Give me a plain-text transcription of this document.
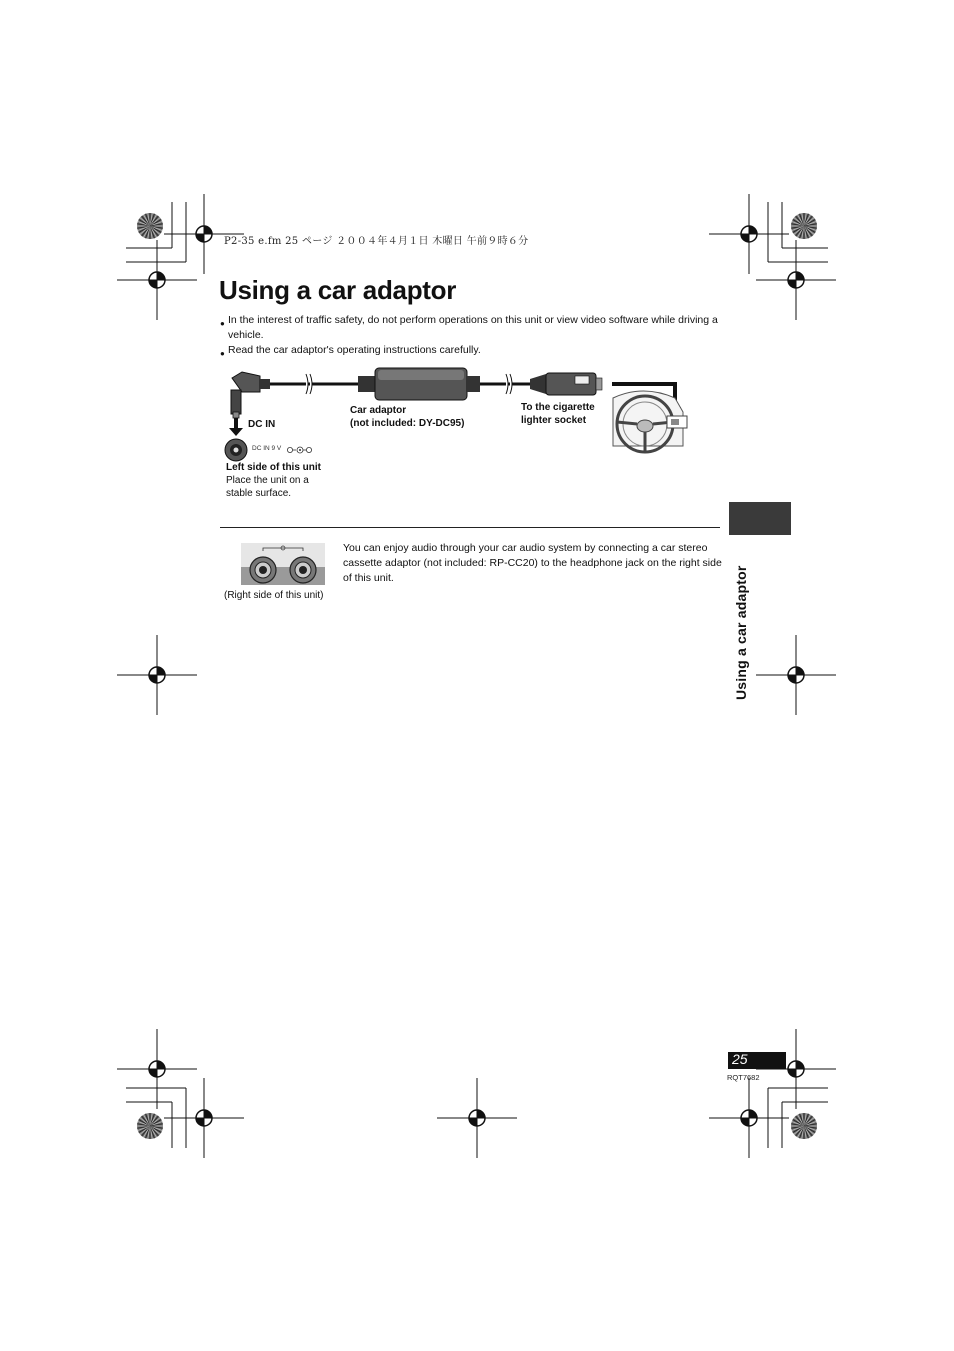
P2-35 e.fm 25 ページ ２００４年４月１日 木曜日 午前９時６分
Using a car adaptor
● In the interest of traffic safety, do not perform operations on this unit or view video software while driving a vehicle.
● Read the car adaptor's operating instructions carefully.
DC IN
Car adaptor
(not included: DY-DC95)
To the cigarette
lighter socket
DC IN 9 V
Left side of this unit
Place the unit on a
stable surface.
(Right side of this unit)
You can enjoy audio through your car audio system by connecting a car stereo cassette adaptor (not included: RP-CC20) to the headphone jack on the right side of this unit.	Using a car adaptor
25
RQT7682
